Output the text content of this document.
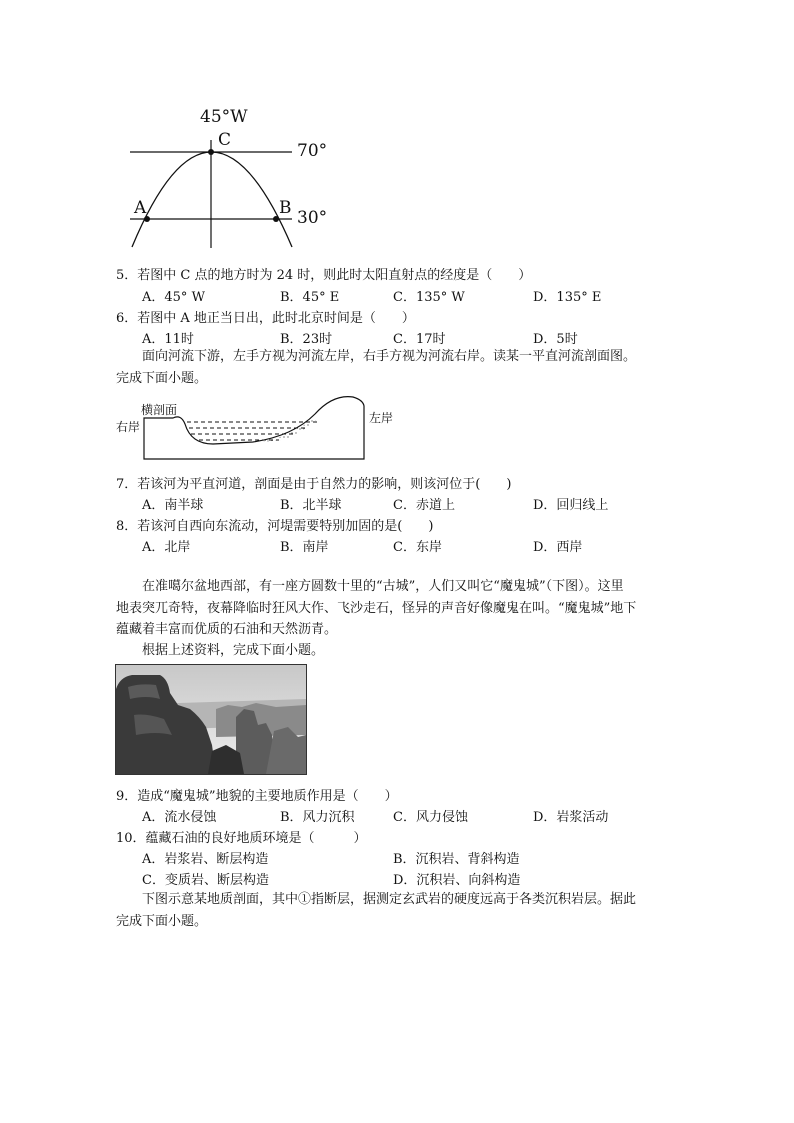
45°W
C
A	B
70°
30°
5．若图中 C 点的地方时为 24 时，则此时太阳直射点的经度是（　　）
A．45° W	B．45° E	C．135° W	D．135° E
6．若图中 A 地正当日出，此时北京时间是（　　）
A．11时	B．23时	C．17时	D．5时
面向河流下游，左手方视为河流左岸，右手方视为河流右岸。读某一平直河流剖面图。
完成下面小题。
横剖面
右岸
左岸
7．若该河为平直河道，剖面是由于自然力的影响，则该河位于(　　)
A．南半球	B．北半球	C．赤道上	D．回归线上
8．若该河自西向东流动，河堤需要特别加固的是(　　)
A．北岸	B．南岸	C．东岸	D．西岸
在准噶尔盆地西部，有一座方圆数十里的“古城”，人们又叫它“魔鬼城”（下图）。这里
地表突兀奇特，夜幕降临时狂风大作、飞沙走石，怪异的声音好像魔鬼在叫。“魔鬼城”地下
蕴藏着丰富而优质的石油和天然沥青。
根据上述资料，完成下面小题。
9．造成“魔鬼城”地貌的主要地质作用是（　　）
A．流水侵蚀	B．风力沉积	C．风力侵蚀	D．岩浆活动
10．蕴藏石油的良好地质环境是（　　　）
A．岩浆岩、断层构造	B．沉积岩、背斜构造
C．变质岩、断层构造	D．沉积岩、向斜构造
下图示意某地质剖面，其中①指断层，据测定玄武岩的硬度远高于各类沉积岩层。据此
完成下面小题。
